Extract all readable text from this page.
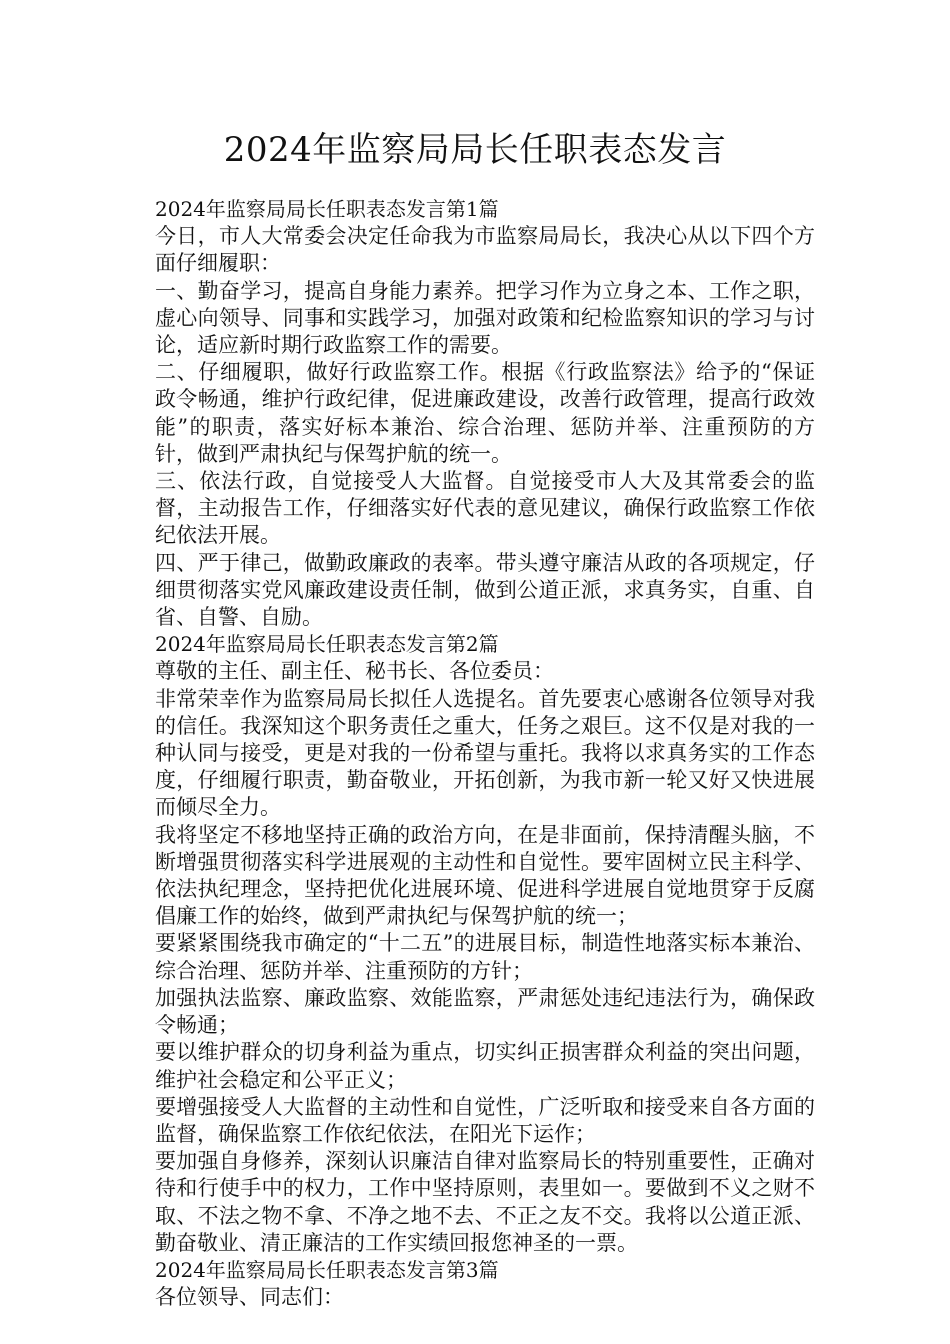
2024年监察局局长任职表态发言

2024年监察局局长任职表态发言第1篇

今日，市人大常委会决定任命我为市监察局局长，我决心从以下四个方面仔细履职：

一、勤奋学习，提高自身能力素养。把学习作为立身之本、工作之职，虚心向领导、同事和实践学习，加强对政策和纪检监察知识的学习与讨论，适应新时期行政监察工作的需要。

二、仔细履职，做好行政监察工作。根据《行政监察法》给予的“保证政令畅通，维护行政纪律，促进廉政建设，改善行政管理，提高行政效能”的职责，落实好标本兼治、综合治理、惩防并举、注重预防的方针，做到严肃执纪与保驾护航的统一。

三、依法行政，自觉接受人大监督。自觉接受市人大及其常委会的监督，主动报告工作，仔细落实好代表的意见建议，确保行政监察工作依纪依法开展。

四、严于律己，做勤政廉政的表率。带头遵守廉洁从政的各项规定，仔细贯彻落实党风廉政建设责任制，做到公道正派，求真务实，自重、自省、自警、自励。

2024年监察局局长任职表态发言第2篇

尊敬的主任、副主任、秘书长、各位委员：

非常荣幸作为监察局局长拟任人选提名。首先要衷心感谢各位领导对我的信任。我深知这个职务责任之重大，任务之艰巨。这不仅是对我的一种认同与接受，更是对我的一份希望与重托。我将以求真务实的工作态度，仔细履行职责，勤奋敬业，开拓创新，为我市新一轮又好又快进展而倾尽全力。

我将坚定不移地坚持正确的政治方向，在是非面前，保持清醒头脑，不断增强贯彻落实科学进展观的主动性和自觉性。要牢固树立民主科学、依法执纪理念，坚持把优化进展环境、促进科学进展自觉地贯穿于反腐倡廉工作的始终，做到严肃执纪与保驾护航的统一；

要紧紧围绕我市确定的“十二五”的进展目标，制造性地落实标本兼治、综合治理、惩防并举、注重预防的方针；

加强执法监察、廉政监察、效能监察，严肃惩处违纪违法行为，确保政令畅通；

要以维护群众的切身利益为重点，切实纠正损害群众利益的突出问题，维护社会稳定和公平正义；

要增强接受人大监督的主动性和自觉性，广泛听取和接受来自各方面的监督，确保监察工作依纪依法，在阳光下运作；

要加强自身修养，深刻认识廉洁自律对监察局长的特别重要性，正确对待和行使手中的权力，工作中坚持原则，表里如一。要做到不义之财不取、不法之物不拿、不净之地不去、不正之友不交。我将以公道正派、勤奋敬业、清正廉洁的工作实绩回报您神圣的一票。

2024年监察局局长任职表态发言第3篇

各位领导、同志们：
